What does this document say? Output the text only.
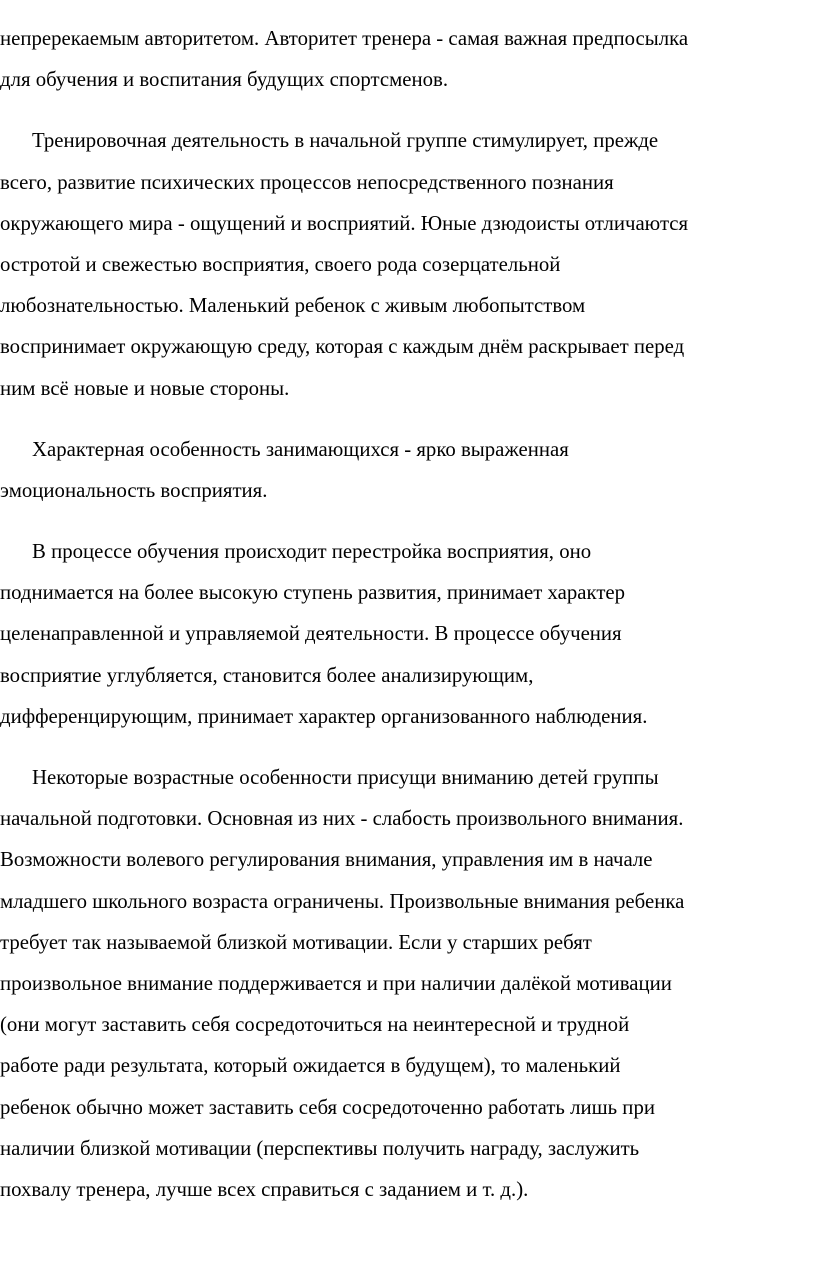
непререкаемым авторитетом. Авторитет тренера - самая важная предпосылка
для обучения и воспитания будущих спортсменов.
Тренировочная деятельность в начальной группе стимулирует, прежде
всего, развитие психических процессов непосредственного познания
окружающего мира - ощущений и восприятий. Юные дзюдоисты отличаются
остротой и свежестью восприятия, своего рода созерцательной
любознательностью. Маленький ребенок с живым любопытством
воспринимает окружающую среду, которая с каждым днём раскрывает перед
ним всё новые и новые стороны.
Характерная особенность занимающихся - ярко выраженная
эмоциональность восприятия.
В процессе обучения происходит перестройка восприятия, оно
поднимается на более высокую ступень развития, принимает характер
целенаправленной и управляемой деятельности. В процессе обучения
восприятие углубляется, становится более анализирующим,
дифференцирующим, принимает характер организованного наблюдения.
Некоторые возрастные особенности присущи вниманию детей группы
начальной подготовки. Основная из них - слабость произвольного внимания.
Возможности волевого регулирования внимания, управления им в начале
младшего школьного возраста ограничены. Произвольные внимания ребенка
требует так называемой близкой мотивации. Если у старших ребят
произвольное внимание поддерживается и при наличии далёкой мотивации
(они могут заставить себя сосредоточиться на неинтересной и трудной
работе ради результата, который ожидается в будущем), то маленький
ребенок обычно может заставить себя сосредоточенно работать лишь при
наличии близкой мотивации (перспективы получить награду, заслужить
похвалу тренера, лучше всех справиться с заданием и т. д.).
